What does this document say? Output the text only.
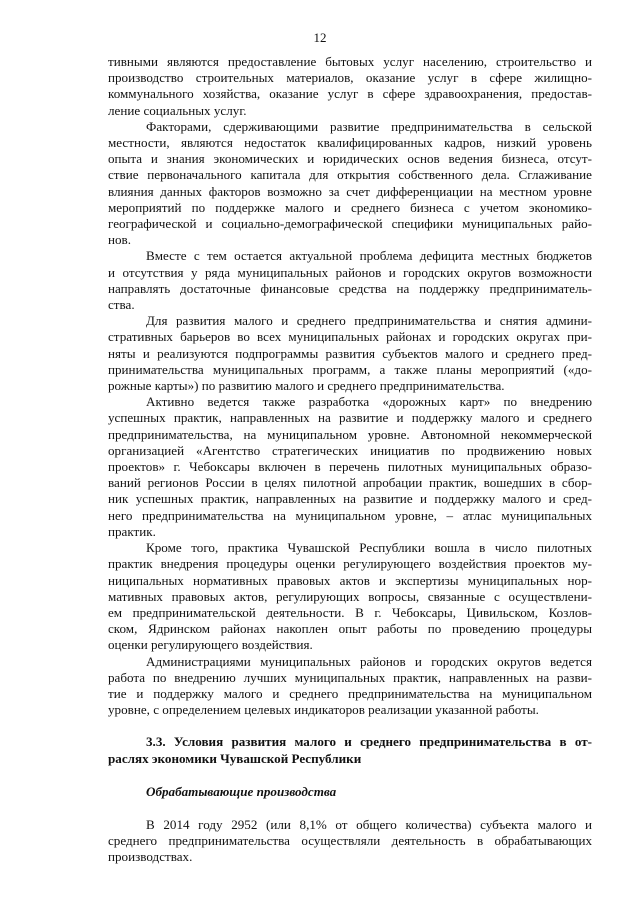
12
тивными являются предоставление бытовых услуг населению, строительство и
производство строительных материалов, оказание услуг в сфере жилищно-
коммунального хозяйства, оказание услуг в сфере здравоохранения, предостав-
ление социальных услуг.
Факторами, сдерживающими развитие предпринимательства в сельской
местности, являются недостаток квалифицированных кадров, низкий уровень
опыта и знания экономических и юридических основ ведения бизнеса, отсут-
ствие первоначального капитала для открытия собственного дела. Сглаживание
влияния данных факторов возможно за счет дифференциации на местном уровне
мероприятий по поддержке малого и среднего бизнеса с учетом экономико-
географической и социально-демографической специфики муниципальных райо-
нов.
Вместе с тем остается актуальной проблема дефицита местных бюджетов
и отсутствия у ряда муниципальных районов и городских округов возможности
направлять достаточные финансовые средства на поддержку предприниматель-
ства.
Для развития малого и среднего предпринимательства и снятия админи-
стративных барьеров во всех муниципальных районах и городских округах при-
няты и реализуются подпрограммы развития субъектов малого и среднего пред-
принимательства муниципальных программ, а также планы мероприятий («до-
рожные карты») по развитию малого и среднего предпринимательства.
Активно ведется также разработка «дорожных карт» по внедрению
успешных практик, направленных на развитие и поддержку малого и среднего
предпринимательства, на муниципальном уровне. Автономной некоммерческой
организацией «Агентство стратегических инициатив по продвижению новых
проектов» г. Чебоксары включен в перечень пилотных муниципальных образо-
ваний регионов России в целях пилотной апробации практик, вошедших в сбор-
ник успешных практик, направленных на развитие и поддержку малого и сред-
него предпринимательства на муниципальном уровне, – атлас муниципальных
практик.
Кроме того, практика Чувашской Республики вошла в число пилотных
практик внедрения процедуры оценки регулирующего воздействия проектов му-
ниципальных нормативных правовых актов и экспертизы муниципальных нор-
мативных правовых актов, регулирующих вопросы, связанные с осуществлени-
ем предпринимательской деятельности. В г. Чебоксары, Цивильском, Козлов-
ском, Ядринском районах накоплен опыт работы по проведению процедуры
оценки регулирующего воздействия.
Администрациями муниципальных районов и городских округов ведется
работа по внедрению лучших муниципальных практик, направленных на разви-
тие и поддержку малого и среднего предпринимательства на муниципальном
уровне, с определением целевых индикаторов реализации указанной работы.
3.3. Условия развития малого и среднего предпринимательства в от-
раслях экономики Чувашской Республики
Обрабатывающие производства
В 2014 году 2952 (или 8,1% от общего количества) субъекта малого и
среднего предпринимательства осуществляли деятельность в обрабатывающих
производствах.
